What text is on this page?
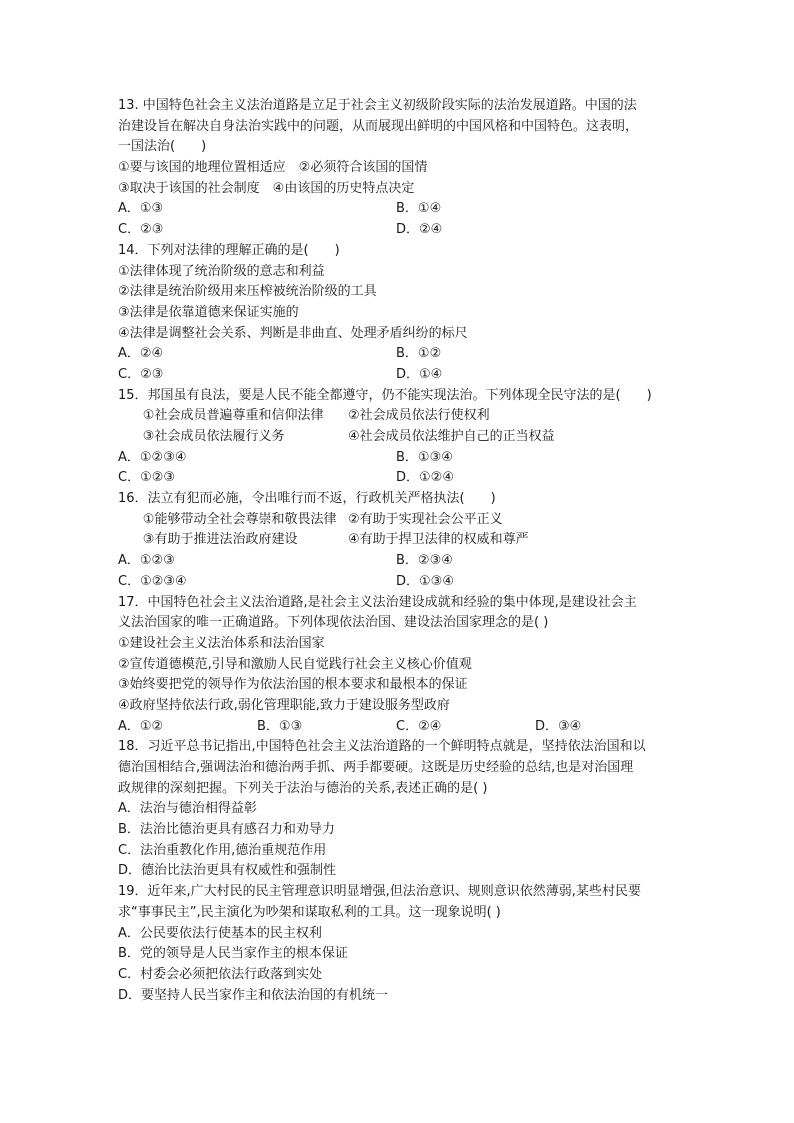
13. 中国特色社会主义法治道路是立足于社会主义初级阶段实际的法治发展道路。中国的法
治建设旨在解决自身法治实践中的问题，从而展现出鲜明的中国风格和中国特色。这表明，
一国法治(　　)
①要与该国的地理位置相适应　 ②必须符合该国的国情
③取决于该国的社会制度　 ④由该国的历史特点决定

A．①③

	B．①④

C．②③

	D．②④

14．下列对法律的理解正确的是(　　)
①法律体现了统治阶级的意志和利益
②法律是统治阶级用来压榨被统治阶级的工具
③法律是依靠道德来保证实施的
④法律是调整社会关系、判断是非曲直、处理矛盾纠纷的标尺

A．②④

	B．①②

C．②③

	D．①④

15．邦国虽有良法，要是人民不能全都遵守，仍不能实现法治。下列体现全民守法的是(　　)

①社会成员普遍尊重和信仰法律

②社会成员依法行使权利

③社会成员依法履行义务

	④社会成员依法维护自己的正当权益

A．①②③④

	B．①③④

C．①②③

	D．①②④

16．法立有犯而必施，令出唯行而不返，行政机关严格执法(　　)

①能够带动全社会尊崇和敬畏法律

②有助于实现社会公平正义

③有助于推进法治政府建设

	④有助于捍卫法律的权威和尊严

A．①②③

	B．②③④

C．①②③④

	D．①③④

17．中国特色社会主义法治道路,是社会主义法治建设成就和经验的集中体现,是建设社会主
义法治国家的唯一正确道路。下列体现依法治国、建设法治国家理念的是( )
①建设社会主义法治体系和法治国家
②宣传道德模范,引导和激励人民自觉践行社会主义核心价值观
③始终要把党的领导作为依法治国的根本要求和最根本的保证
④政府坚持依法行政,弱化管理职能,致力于建设服务型政府

A．①②

	B．①③

	C．②④

	D．③④

18．习近平总书记指出,中国特色社会主义法治道路的一个鲜明特点就是，坚持依法治国和以
德治国相结合,强调法治和德治两手抓、两手都要硬。这既是历史经验的总结,也是对治国理
政规律的深刻把握。下列关于法治与德治的关系,表述正确的是( )
A．法治与德治相得益彰
B．法治比德治更具有感召力和劝导力
C．法治重教化作用,德治重规范作用
D．德治比法治更具有权威性和强制性
19．近年来,广大村民的民主管理意识明显增强,但法治意识、规则意识依然薄弱,某些村民要
求“事事民主”,民主演化为吵架和谋取私利的工具。这一现象说明( )
A．公民要依法行使基本的民主权利
B．党的领导是人民当家作主的根本保证
C．村委会必须把依法行政落到实处
D．要坚持人民当家作主和依法治国的有机统一
